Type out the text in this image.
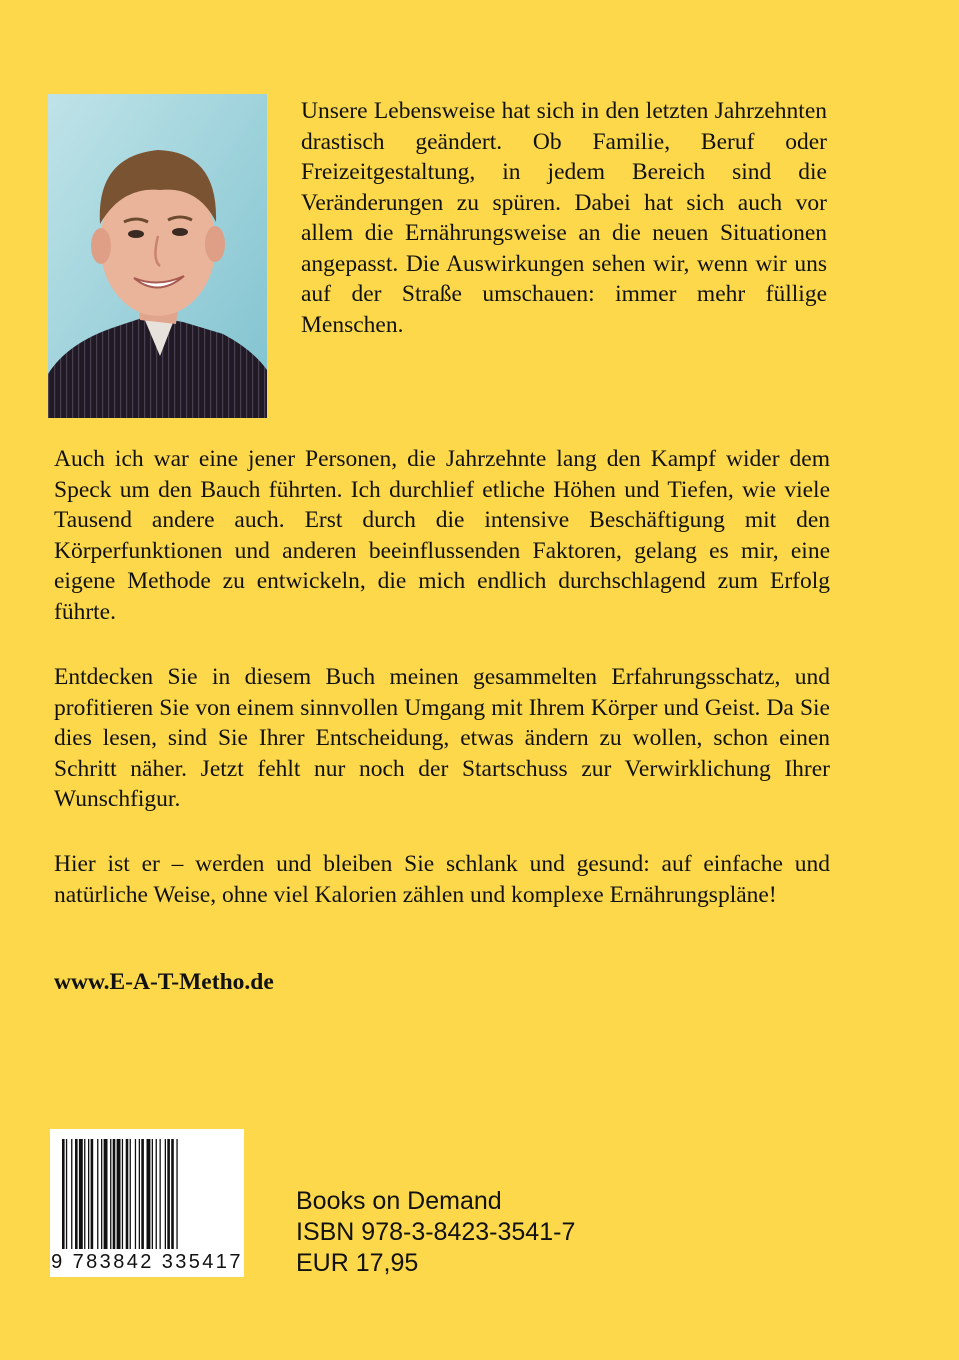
Unsere Lebensweise hat sich in den letzten Jahrzehnten drastisch geändert. Ob Familie, Beruf oder Freizeitgestaltung, in jedem Bereich sind die Veränderungen zu spüren. Dabei hat sich auch vor allem die Ernährungsweise an die neuen Situationen angepasst. Die Auswirkungen sehen wir, wenn wir uns auf der Straße umschauen: immer mehr füllige Menschen.

Auch ich war eine jener Personen, die Jahrzehnte lang den Kampf wider dem Speck um den Bauch führten. Ich durchlief etliche Höhen und Tiefen, wie viele Tausend andere auch. Erst durch die intensive Beschäftigung mit den Körperfunktionen und anderen beeinflussenden Faktoren, gelang es mir, eine eigene Methode zu entwickeln, die mich endlich durchschlagend zum Erfolg führte.

Entdecken Sie in diesem Buch meinen gesammelten Erfahrungsschatz, und profitieren Sie von einem sinnvollen Umgang mit Ihrem Körper und Geist. Da Sie dies lesen, sind Sie Ihrer Entscheidung, etwas ändern zu wollen, schon einen Schritt näher. Jetzt fehlt nur noch der Startschuss zur Verwirklichung Ihrer Wunschfigur.

Hier ist er – werden und bleiben Sie schlank und gesund: auf einfache und natürliche Weise, ohne viel Kalorien zählen und komplexe Ernährungspläne!

www.E-A-T-Metho.de

9 783842 335417
Books on Demand
ISBN 978-3-8423-3541-7
EUR 17,95
